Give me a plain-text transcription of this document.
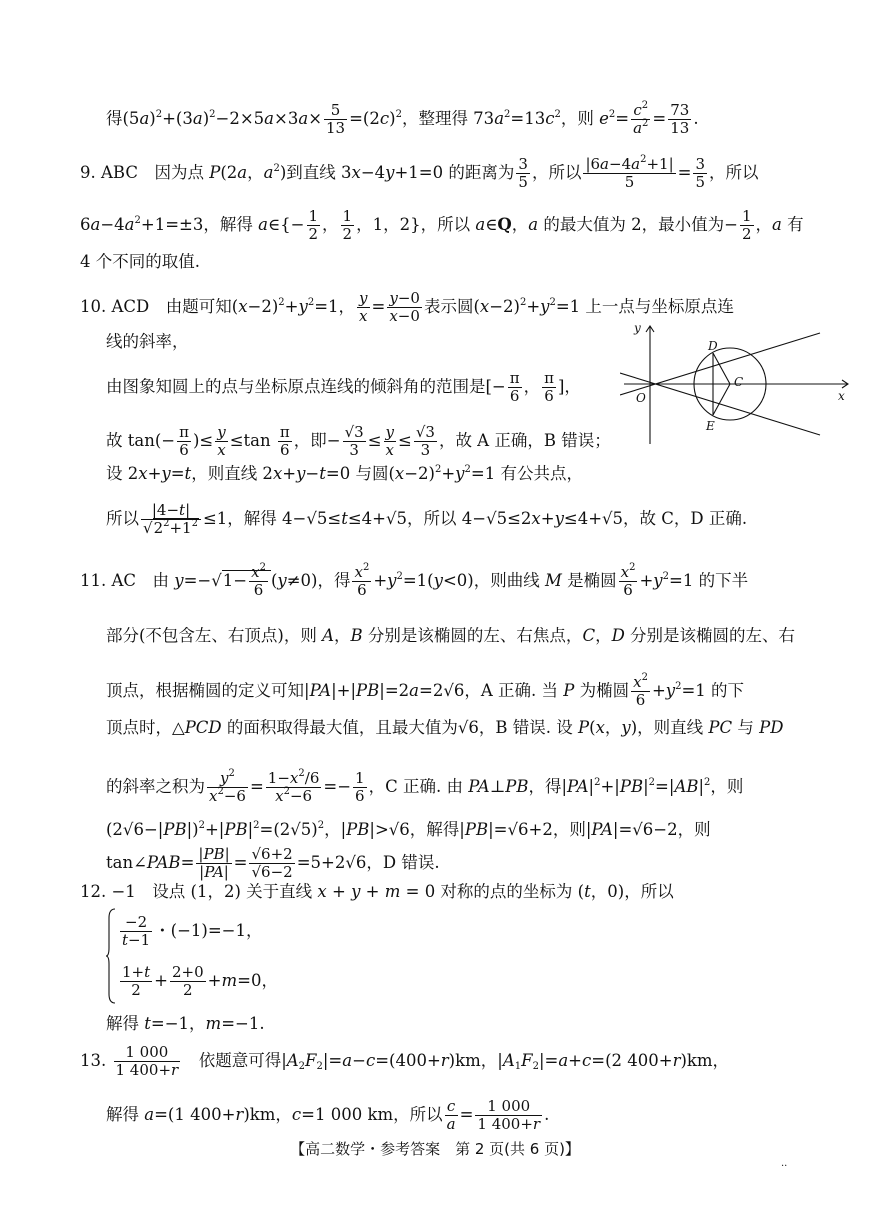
得$(5a)^2+(3a)^2-2\times 5a\times 3a\times \frac{5}{13} =(2c)^2$，整理得 $73a^2=13c^2$，则 $e^2= \frac{c^2}{a^2} = \frac{73}{13}$ .
9. ABC　因为点 P(2a，$a^2$)到直线 3x−4y+1=0 的距离为 $\frac{3}{5}$ ，所以 $\frac{|6a-4a^2+1|}{5} = \frac{3}{5}$ ，所以
$6a-4a^2+1=\pm 3$，解得 a∈{− $\frac{1}{2}$ ， $\frac{1}{2}$ ，1，2}，所以 a∈Q，a 的最大值为 2，最小值为− $\frac{1}{2}$ ，a 有
4 个不同的取值.
10. ACD　由题可知$(x-2)^2+y^2=1$， $\frac{y}{x} = \frac{y-0}{x-0}$ 表示圆$(x-2)^2+y^2=1$ 上一点与坐标原点连
线的斜率，
由图象知圆上的点与坐标原点连线的倾斜角的范围是[− $\frac{\pi}{6}$ ， $\frac{\pi}{6}$ ]，
故 $\tan(- \frac{\pi}{6}$ )≤ $\frac{y}{x} \le\tan \frac{\pi}{6}$ ，即− $\frac{√3}{3} \le \frac{y}{x} \le \frac{√3}{3}$ ，故 A 正确，B 错误；
设 2x+y=t，则直线 2x+y−t=0 与圆$(x-2)^2+y^2=1$ 有公共点，
所以 $\frac{|4-t|}{√2^2+1^2} \le 1$，解得 4−√5≤t≤4+√5，所以 4−√5≤2x+y≤4+√5，故 C，D 正确.
y
x
O
C
D
E
11. AC　由 $y=-√1- \frac{x^2}{6} (y\ne 0)$，得 $\frac{x^2}{6} +y^2=1(y<0)$，则曲线 M 是椭圆 $\frac{x^2}{6} +y^2=1$ 的下半
部分(不包含左、右顶点)，则 A，B 分别是该椭圆的左、右焦点，C，D 分别是该椭圆的左、右
顶点，根据椭圆的定义可知|PA|+|PB|=2a=2√6，A 正确. 当 P 为椭圆 $\frac{x^2}{6} +y^2=1$ 的下
顶点时，△PCD 的面积取得最大值，且最大值为√6，B 错误. 设 P(x，y)，则直线 PC 与 PD
的斜率之积为 $\frac{y^2}{x^2-6} = \frac{1-x^2/6}{x^2-6} =- \frac{1}{6}$ ，C 正确. 由 PA⊥PB，得$|PA|^2+|PB|^2=|AB|^2$，则
$(2√6-|PB|)^2+|PB|^2=(2√5)^2$，|PB|>√6，解得|PB|=√6+2，则|PA|=√6−2，则
tan∠PAB= $\frac{|PB|}{|PA|} = \frac{√6+2}{√6-2} =5+2√6$，D 错误.
12. −1　设点 (1，2) 关于直线 x + y + m = 0 对称的点的坐标为 (t，0)，所以
$\frac{-2}{t-1}$ ・(−1)=−1，
$\frac{1+t}{2} + \frac{2+0}{2} +m=0$，
解得 t=−1，m=−1.
13. $\frac{1 000}{1 400+r}$ 　依题意可得$|A_2F_2|=a-c=(400+r)km$，$|A_1F_2|=a+c=(2$ 400+r)km，
解得 a=(1 400+r)km，c=1 000 km，所以 $\frac{c}{a} = \frac{1 000}{1 400+r}$ .
【高二数学・参考答案　第 2 页(共 6 页)】
..
